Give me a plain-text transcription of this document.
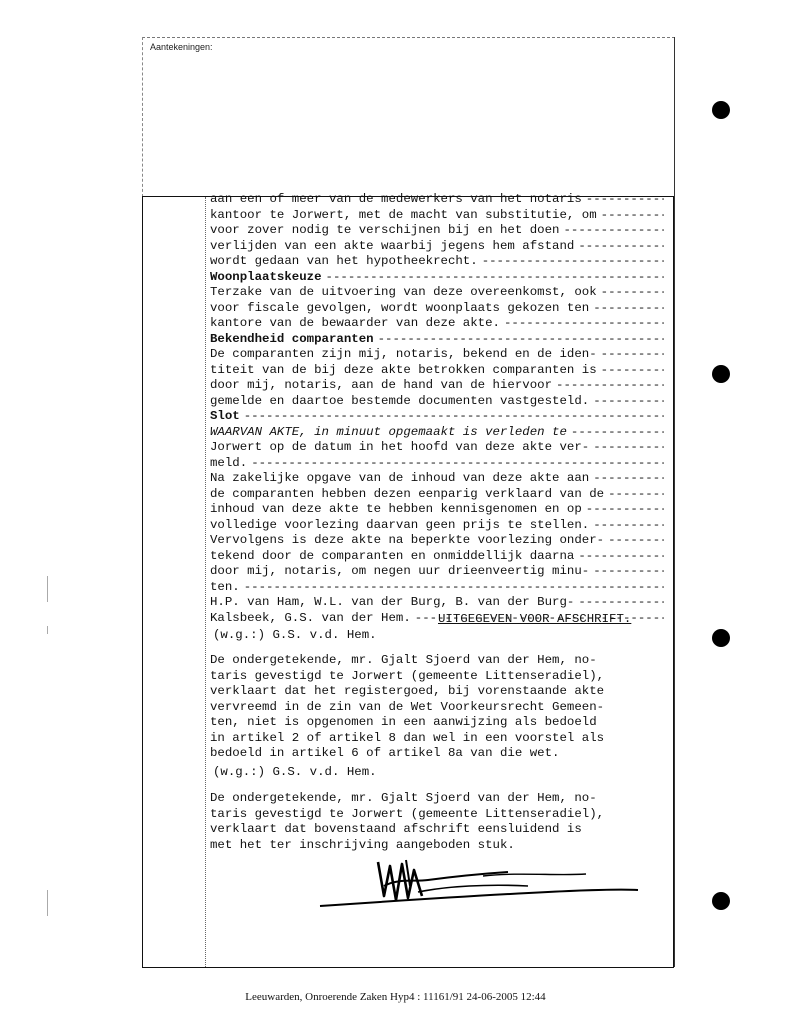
Aantekeningen:
aan een of meer van de medewerkers van het notaris
-----
kantoor te Jorwert, met de macht van substitutie, om
-----
voor zover nodig te verschijnen bij en het doen
-----
verlijden van een akte waarbij jegens hem afstand
-----
wordt gedaan van het hypotheekrecht.
-----
Woonplaatskeuze
-----
Terzake van de uitvoering van deze overeenkomst, ook
-----
voor fiscale gevolgen, wordt woonplaats gekozen ten
-----
kantore van de bewaarder van deze akte.
-----
Bekendheid comparanten
-----
De comparanten zijn mij, notaris, bekend en de iden-
-----
titeit van de bij deze akte betrokken comparanten is
-----
door mij, notaris, aan de hand van de hiervoor
-----
gemelde en daartoe bestemde documenten vastgesteld.
-----
Slot
-----
WAARVAN AKTE, in minuut opgemaakt is verleden te
-----
Jorwert op de datum in het hoofd van deze akte ver-
-----
meld.
-----
Na zakelijke opgave van de inhoud van deze akte aan
-----
de comparanten hebben dezen eenparig verklaard van de
-----
inhoud van deze akte te hebben kennisgenomen en op
-----
volledige voorlezing daarvan geen prijs te stellen.
-----
Vervolgens is deze akte na beperkte voorlezing onder-
-----
tekend door de comparanten en onmiddellijk daarna
-----
door mij, notaris, om negen uur drieenveertig minu-
-----
ten.
-----
H.P. van Ham, W.L. van der Burg, B. van der Burg-
-----
Kalsbeek, G.S. van der Hem.
----- UITGEGEVEN VOOR AFSCHRIFT.
(w.g.:) G.S. v.d. Hem.
De ondergetekende, mr. Gjalt Sjoerd van der Hem, no-
taris gevestigd te Jorwert (gemeente Littenseradiel),
verklaart dat het registergoed, bij vorenstaande akte
vervreemd in de zin van de Wet Voorkeursrecht Gemeen-
ten, niet is opgenomen in een aanwijzing als bedoeld
in artikel 2 of artikel 8 dan wel in een voorstel als
bedoeld in artikel 6 of artikel 8a van die wet.
(w.g.:) G.S. v.d. Hem.
De ondergetekende, mr. Gjalt Sjoerd van der Hem, no-
taris gevestigd te Jorwert (gemeente Littenseradiel),
verklaart dat bovenstaand afschrift eensluidend is
met het ter inschrijving aangeboden stuk.
Leeuwarden, Onroerende Zaken Hyp4 : 11161/91 24-06-2005 12:44
